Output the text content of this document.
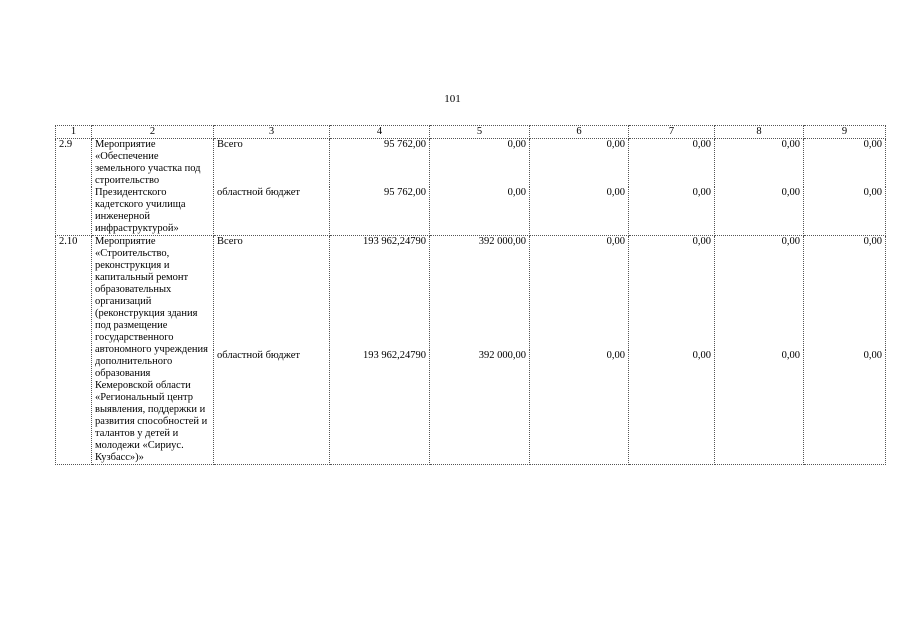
101
1	2	3	4	5	6	7	8	9
2.9	Мероприятие «Обеспечение земельного участка под строительство Президентского кадетского училища инженерной инфраструктурой»	Всего	95 762,00	0,00	0,00	0,00	0,00	0,00
		областной бюджет	95 762,00	0,00	0,00	0,00	0,00	0,00
2.10	Мероприятие «Строительство, реконструкция и капитальный ремонт образовательных организаций (реконструкция здания под размещение государственного автономного учреждения дополнительного образования Кемеровской области «Региональный центр выявления, поддержки и развития способностей и талантов у детей и молодежи «Сириус. Кузбасс»)»	Всего	193 962,24790	392 000,00	0,00	0,00	0,00	0,00
		областной бюджет	193 962,24790	392 000,00	0,00	0,00	0,00	0,00
